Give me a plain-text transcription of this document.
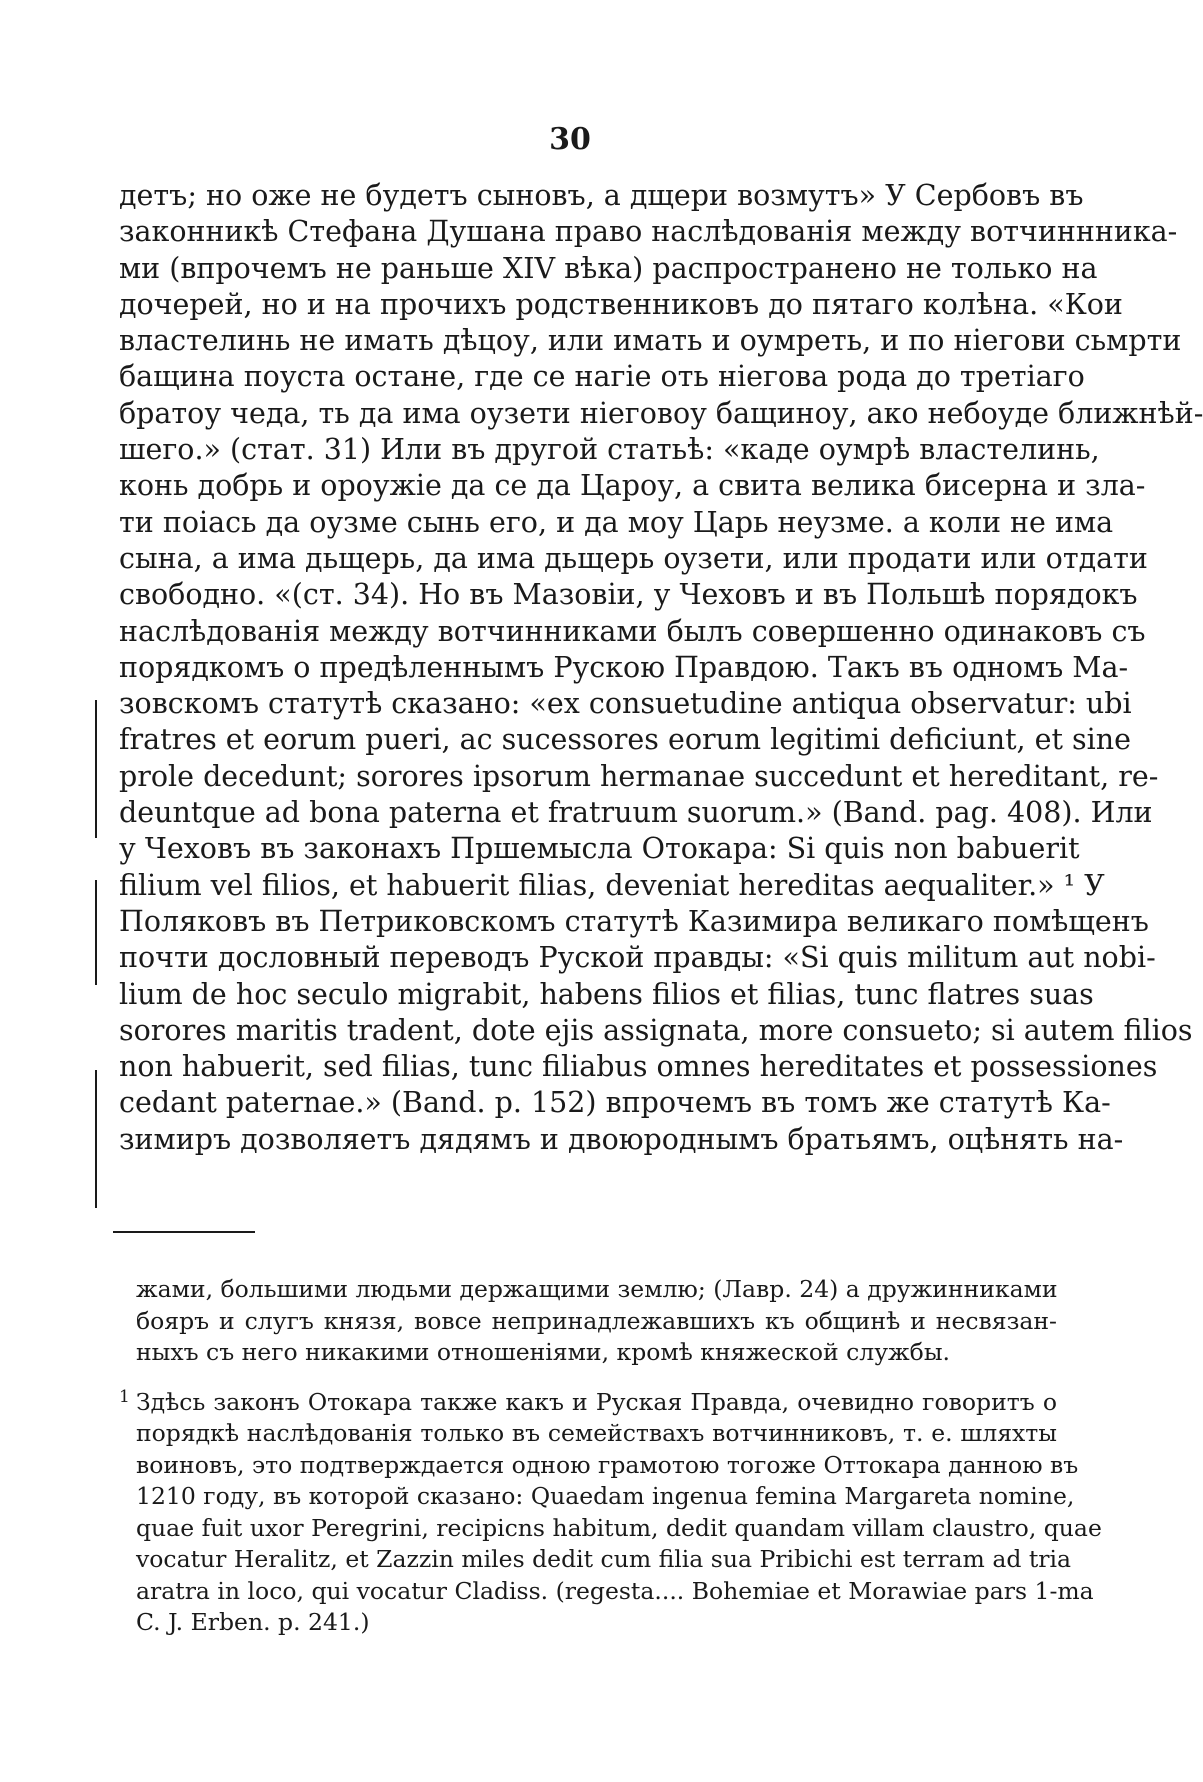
30
детъ; но оже не будетъ сыновъ, а дщери возмутъ» У Сербовъ въ
законникѣ Стефана Душана право наслѣдованія между вотчиннника-
ми (впрочемъ не раньше XIV вѣка) распространено не только на
дочерей, но и на прочихъ родственниковъ до пятаго колѣна. «Кои
властелинь не имать дѣцоу, или имать и оумреть, и по ніегови сьмрти
бащина поуста остане, где се нагіе оть ніегова рода до третіаго
братоу чеда, ть да има оузети ніеговоу бащиноу, ако небоуде ближнѣй-
шего.» (стат. 31) Или въ другой статьѣ: «каде оумрѣ властелинь,
конь добрь и ороужіе да се да Цароу, а свита велика бисерна и зла-
ти поіась да оузме сынь его, и да моу Царь неузме. а коли не има
сына, а има дьщерь, да има дьщерь оузети, или продати или отдати
свободно. «(ст. 34). Но въ Мазовіи, у Чеховъ и въ Польшѣ порядокъ
наслѣдованія между вотчинниками былъ совершенно одинаковъ съ
порядкомъ о предѣленнымъ Рускою Правдою. Такъ въ одномъ Ма-
зовскомъ статутѣ сказано: «ex consuetudine antiqua observatur: ubi
fratres et eorum pueri, ac sucessores eorum legitimi deficiunt, et sine
prole decedunt; sorores ipsorum hermanae succedunt et hereditant, re-
deuntque ad bona paterna et fratruum suorum.» (Band. pag. 408). Или
у Чеховъ въ законахъ Пршемысла Отокара: Si quis non babuerit
filium vel filios, et habuerit filias, deveniat hereditas aequaliter.» ¹ У
Поляковъ въ Петриковскомъ статутѣ Казимира великаго помѣщенъ
почти дословный переводъ Руской правды: «Si quis militum aut nobi-
lium de hoc seculo migrabit, habens filios et filias, tunc flatres suas
sorores maritis tradent, dote ejis assignata, more consueto; si autem filios
non habuerit, sed filias, tunc filiabus omnes hereditates et possessiones
cedant paternae.» (Band. p. 152) впрочемъ въ томъ же статутѣ Ка-
зимиръ дозволяетъ дядямъ и двоюроднымъ братьямъ, оцѣнять на-
жами, большими людьми держащими землю; (Лавр. 24) а дружинниками
бояръ и слугъ князя, вовсе непринадлежавшихъ къ общинѣ и несвязан-
ныхъ съ него никакими отношеніями, кромѣ княжеской службы.
1 Здѣсь законъ Отокара также какъ и Руская Правда, очевидно говоритъ о
порядкѣ наслѣдованія только въ семействахъ вотчинниковъ, т. е. шляхты
воиновъ, это подтверждается одною грамотою тогоже Оттокара данною въ
1210 году, въ которой сказано: Quaedam ingenua femina Margareta nomine,
quae fuit uxor Peregrini, recipicns habitum, dedit quandam villam claustro, quae
vocatur Heralitz, et Zazzin miles dedit cum filia sua Pribichi est terram ad tria
aratra in loco, qui vocatur Cladiss. (regesta.... Bohemiae et Morawiae pars 1-ma
C. J. Erben. p. 241.)
